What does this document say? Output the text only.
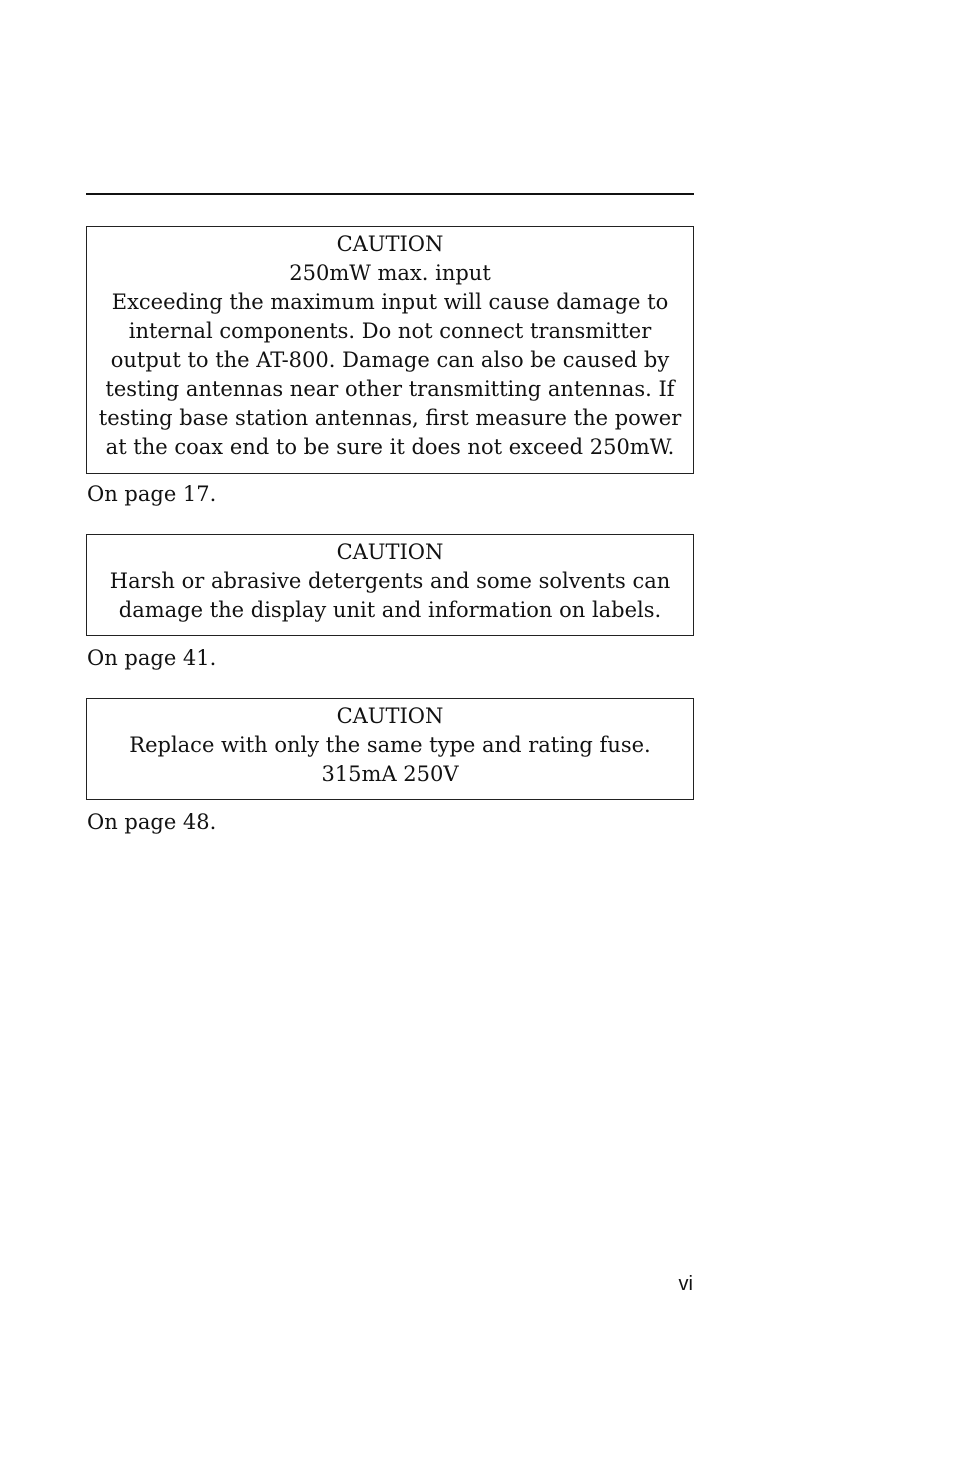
CAUTION
250mW max. input
Exceeding the maximum input will cause damage to
internal components. Do not connect transmitter
output to the AT-800. Damage can also be caused by
testing antennas near other transmitting antennas. If
testing base station antennas, first measure the power
at the coax end to be sure it does not exceed 250mW.
On page 17.
CAUTION
Harsh or abrasive detergents and some solvents can
damage the display unit and information on labels.
On page 41.
CAUTION
Replace with only the same type and rating fuse.
315mA 250V
On page 48.
vi
